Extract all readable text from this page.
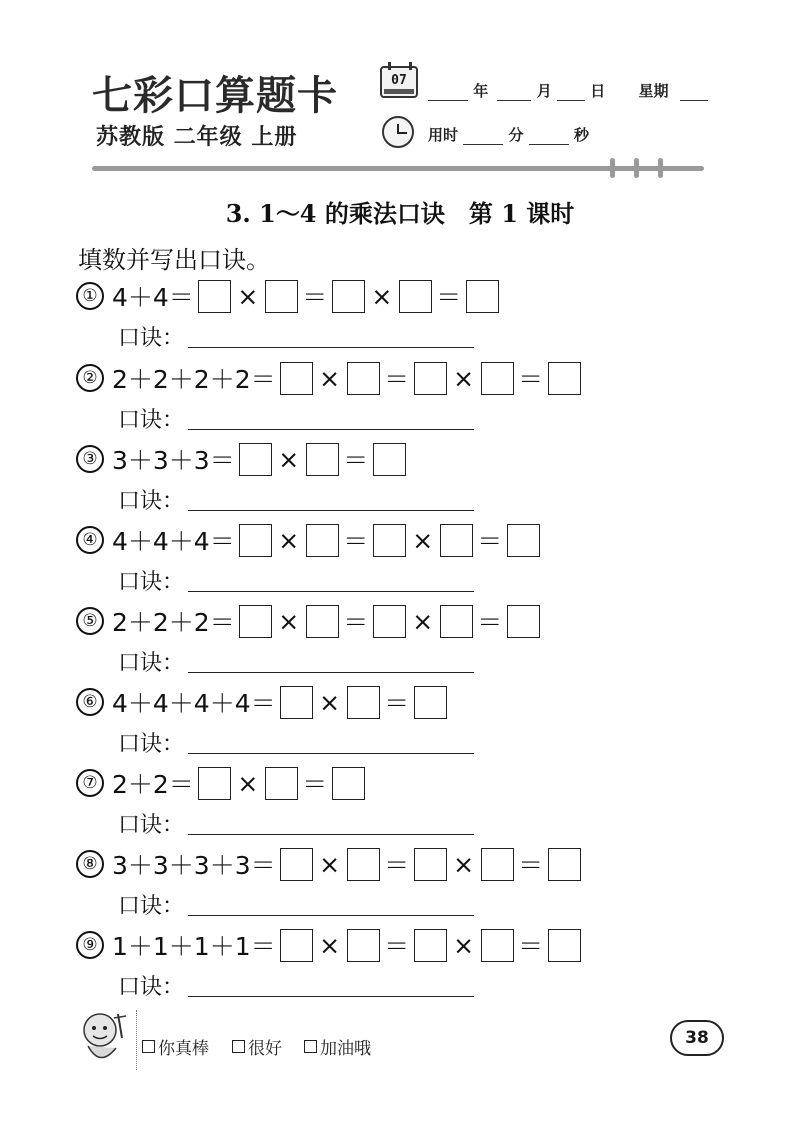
七彩口算题卡
苏教版 二年级 上册
07
年	月	日 星期
用时	分	秒
3. 1～4 的乘法口诀　第 1 课时
填数并写出口诀。
① 4＋4＝ × ＝ × ＝
口诀：
② 2＋2＋2＋2＝ × ＝ × ＝
口诀：
③ 3＋3＋3＝ × ＝
口诀：
④ 4＋4＋4＝ × ＝ × ＝
口诀：
⑤ 2＋2＋2＝ × ＝ × ＝
口诀：
⑥ 4＋4＋4＋4＝ × ＝
口诀：
⑦ 2＋2＝ × ＝
口诀：
⑧ 3＋3＋3＋3＝ × ＝ × ＝
口诀：
⑨ 1＋1＋1＋1＝ × ＝ × ＝
口诀：
你真棒 很好 加油哦
38
